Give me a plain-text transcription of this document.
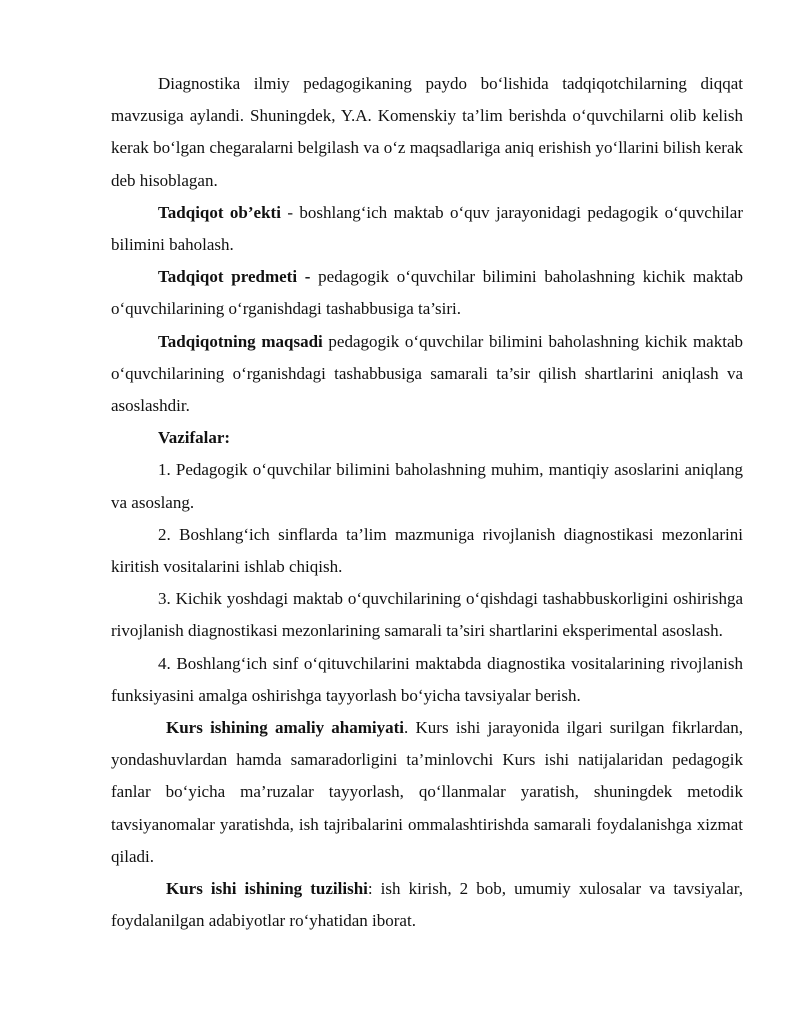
Diagnostika ilmiy pedagogikaning paydo bo‘lishida tadqiqotchilarning diqqat mavzusiga aylandi. Shuningdek, Y.A. Komenskiy ta’lim berishda o‘quvchilarni olib kelish kerak bo‘lgan chegaralarni belgilash va o‘z maqsadlariga aniq erishish yo‘llarini bilish kerak deb hisoblagan.

Tadqiqot ob’ekti - boshlang‘ich maktab o‘quv jarayonidagi pedagogik o‘quvchilar bilimini baholash.

Tadqiqot predmeti - pedagogik o‘quvchilar bilimini baholashning kichik maktab o‘quvchilarining o‘rganishdagi tashabbusiga ta’siri.

Tadqiqotning maqsadi pedagogik o‘quvchilar bilimini baholashning kichik maktab o‘quvchilarining o‘rganishdagi tashabbusiga samarali ta’sir qilish shartlarini aniqlash va asoslashdir.

Vazifalar:

1. Pedagogik o‘quvchilar bilimini baholashning muhim, mantiqiy asoslarini aniqlang va asoslang.

2. Boshlang‘ich sinflarda ta’lim mazmuniga rivojlanish diagnostikasi mezonlarini kiritish vositalarini ishlab chiqish.

3. Kichik yoshdagi maktab o‘quvchilarining o‘qishdagi tashabbuskorligini oshirishga rivojlanish diagnostikasi mezonlarining samarali ta’siri shartlarini eksperimental asoslash.

4. Boshlang‘ich sinf o‘qituvchilarini maktabda diagnostika vositalarining rivojlanish funksiyasini amalga oshirishga tayyorlash bo‘yicha tavsiyalar berish.

Kurs ishining amaliy ahamiyati. Kurs ishi jarayonida ilgari surilgan fikrlardan, yondashuvlardan hamda samaradorligini ta’minlovchi Kurs ishi natijalaridan pedagogik fanlar bo‘yicha ma’ruzalar tayyorlash, qo‘llanmalar yaratish, shuningdek metodik tavsiyanomalar yaratishda, ish tajribalarini ommalashtirishda samarali foydalanishga xizmat qiladi.

Kurs ishi ishining tuzilishi: ish kirish, 2 bob, umumiy xulosalar va tavsiyalar, foydalanilgan adabiyotlar ro‘yhatidan iborat.
